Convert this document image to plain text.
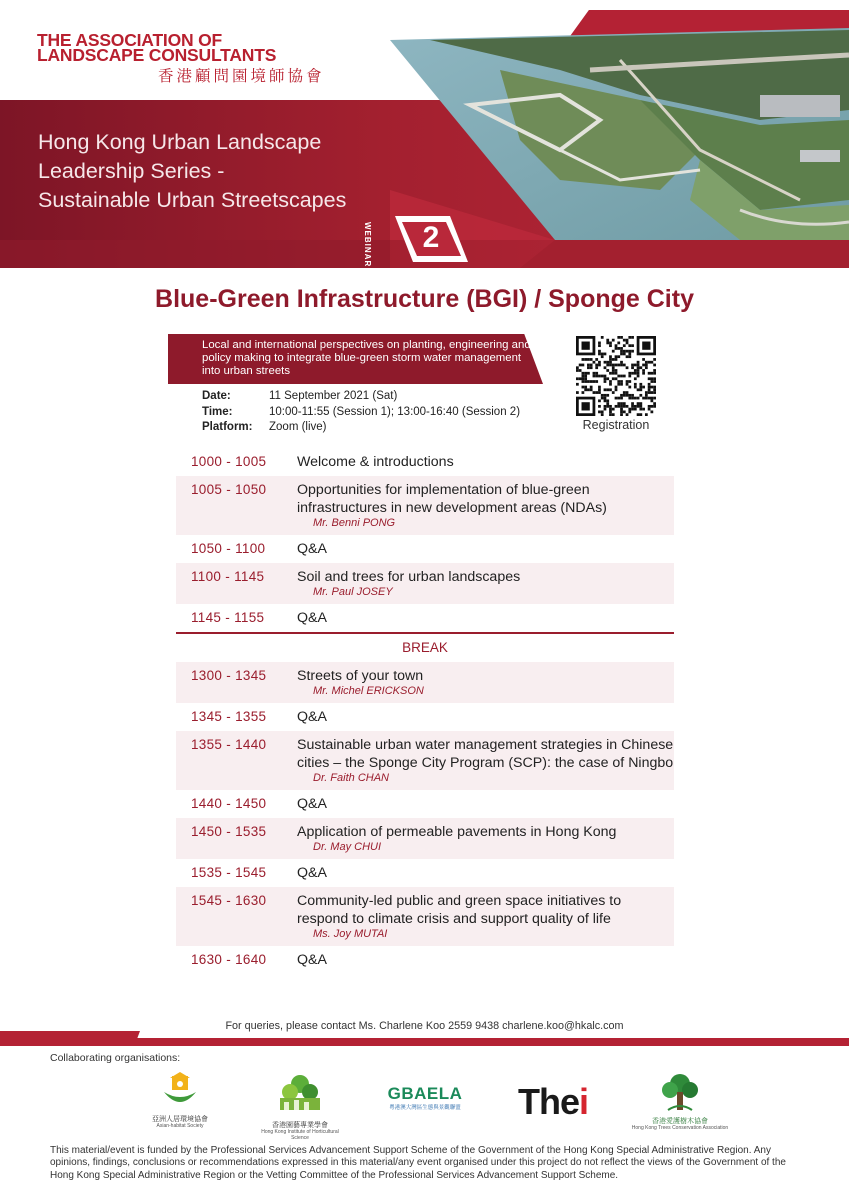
THE ASSOCIATION OF
LANDSCAPE CONSULTANTS
香港顧問園境師協會
Hong Kong Urban Landscape
Leadership Series -
Sustainable Urban Streetscapes
WEBINAR	2
Blue-Green Infrastructure (BGI) / Sponge City
Local and international perspectives on planting, engineering and policy making to integrate blue-green storm water management into urban streets
Date:	11 September 2021 (Sat)
Time:	10:00-11:55 (Session 1); 13:00-16:40 (Session 2)
Platform:	Zoom (live)	Registration
1000 - 1005	Welcome & introductions
1005 - 1050	Opportunities for implementation of blue-green infrastructures in new development areas (NDAs)
Mr. Benni PONG
1050 - 1100	Q&A
1100 - 1145	Soil and trees for urban landscapes
Mr. Paul JOSEY
1145 - 1155	Q&A
BREAK
1300 - 1345	Streets of your town
Mr. Michel ERICKSON
1345 - 1355	Q&A
1355 - 1440	Sustainable urban water management strategies in Chinese cities – the Sponge City Program (SCP): the case of Ningbo
Dr. Faith CHAN
1440 - 1450	Q&A
1450 - 1535	Application of permeable pavements in Hong Kong
Dr. May CHUI
1535 - 1545	Q&A
1545 - 1630	Community-led public and green space initiatives to respond to climate crisis and support quality of life
Ms. Joy MUTAI
1630 - 1640	Q&A
For queries, please contact Ms. Charlene Koo 2559 9438 charlene.koo@hkalc.com
Collaborating organisations:
亞洲人居環境協會
Asian-habitat Society	香港園藝專業學會
Hong Kong Institute of Horticultural Science
GBAELA
粵港澳大灣區生態與景觀聯盟 Thei	香港愛護樹木協會
Hong Kong Trees Conservation Association
This material/event is funded by the Professional Services Advancement Support Scheme of the Government of the Hong Kong Special Administrative Region. Any opinions, findings, conclusions or recommendations expressed in this material/any event organised under this project do not reflect the views of the Government of the Hong Kong Special Administrative Region or the Vetting Committee of the Professional Services Advancement Support Scheme.
